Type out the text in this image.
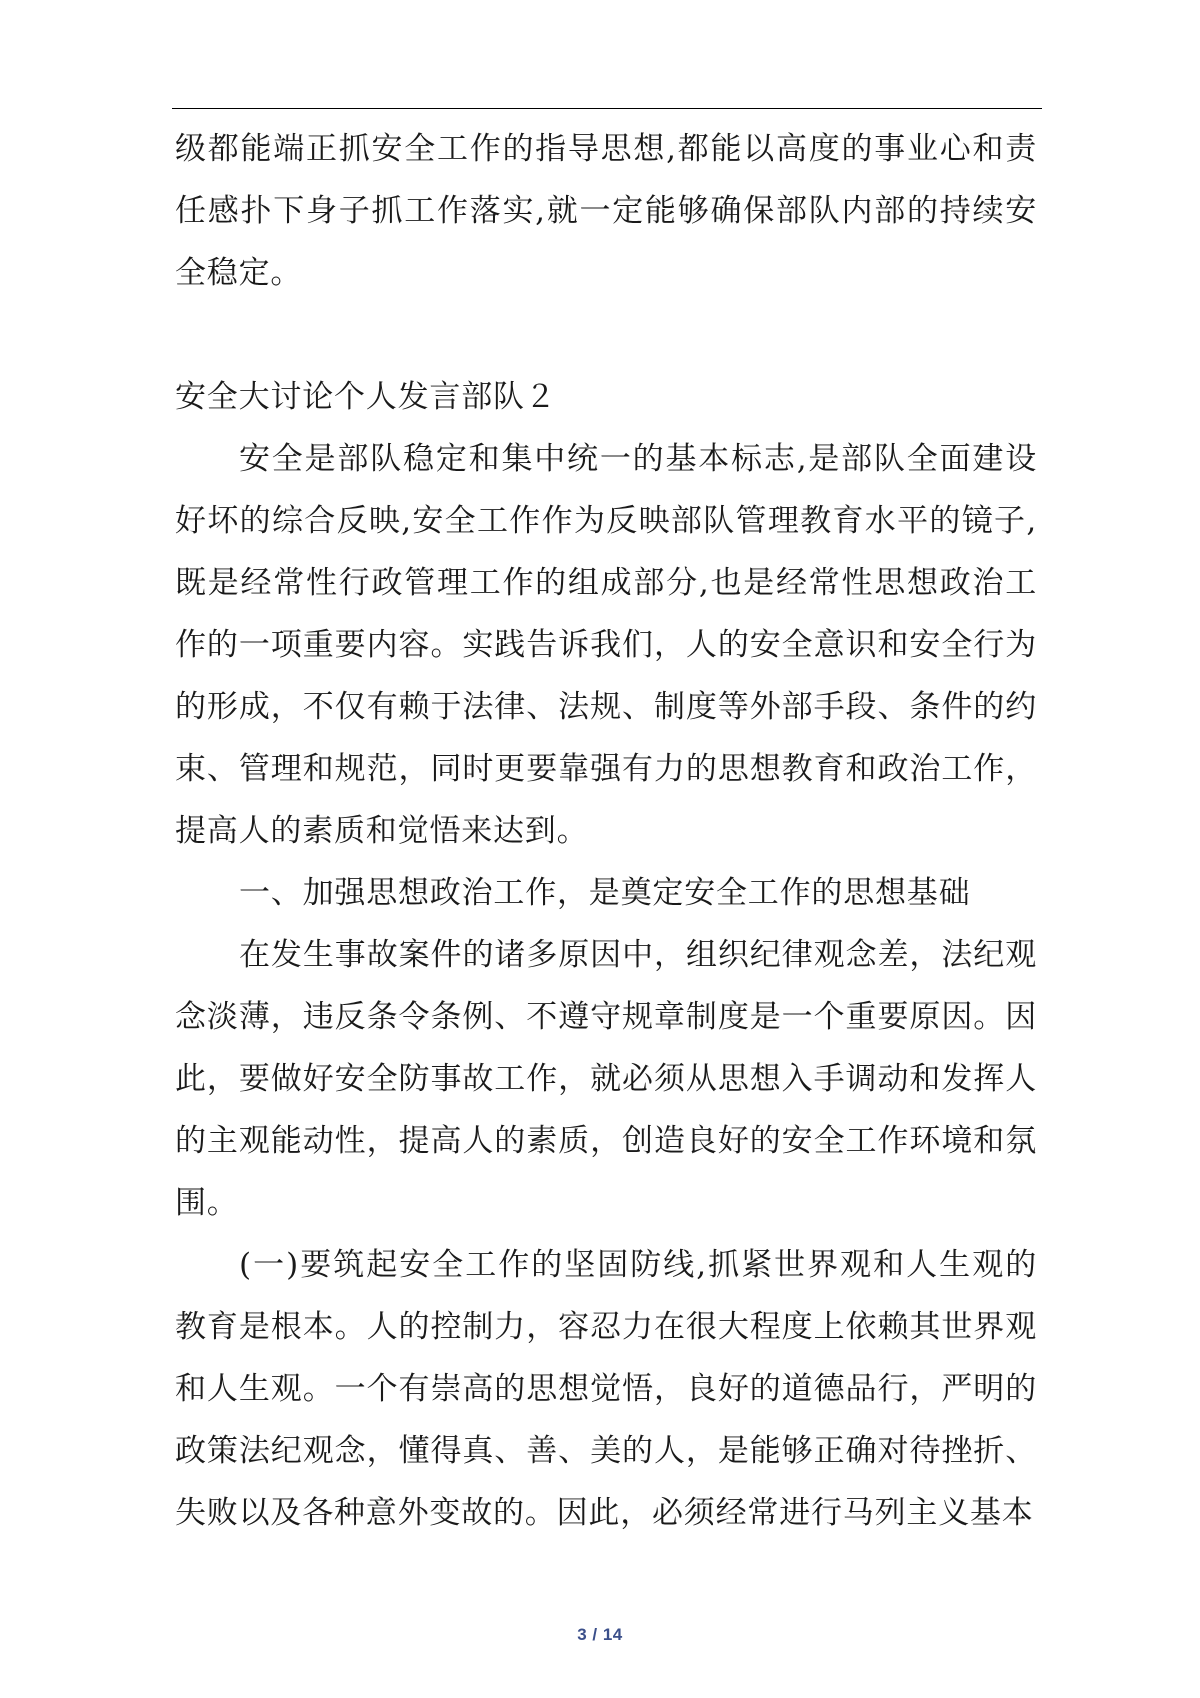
级都能端正抓安全工作的指导思想,都能以高度的事业心和责任感扑下身子抓工作落实,就一定能够确保部队内部的持续安全稳定。

安全大讨论个人发言部队２

安全是部队稳定和集中统一的基本标志,是部队全面建设好坏的综合反映,安全工作作为反映部队管理教育水平的镜子,既是经常性行政管理工作的组成部分,也是经常性思想政治工作的一项重要内容。实践告诉我们，人的安全意识和安全行为的形成，不仅有赖于法律、法规、制度等外部手段、条件的约束、管理和规范，同时更要靠强有力的思想教育和政治工作，提高人的素质和觉悟来达到。

一、加强思想政治工作，是奠定安全工作的思想基础

在发生事故案件的诸多原因中，组织纪律观念差，法纪观念淡薄，违反条令条例、不遵守规章制度是一个重要原因。因此，要做好安全防事故工作，就必须从思想入手调动和发挥人的主观能动性，提高人的素质，创造良好的安全工作环境和氛围。

(一)要筑起安全工作的坚固防线,抓紧世界观和人生观的教育是根本。人的控制力，容忍力在很大程度上依赖其世界观和人生观。一个有崇高的思想觉悟，良好的道德品行，严明的政策法纪观念，懂得真、善、美的人，是能够正确对待挫折、失败以及各种意外变故的。因此，必须经常进行马列主义基本

3 / 14
